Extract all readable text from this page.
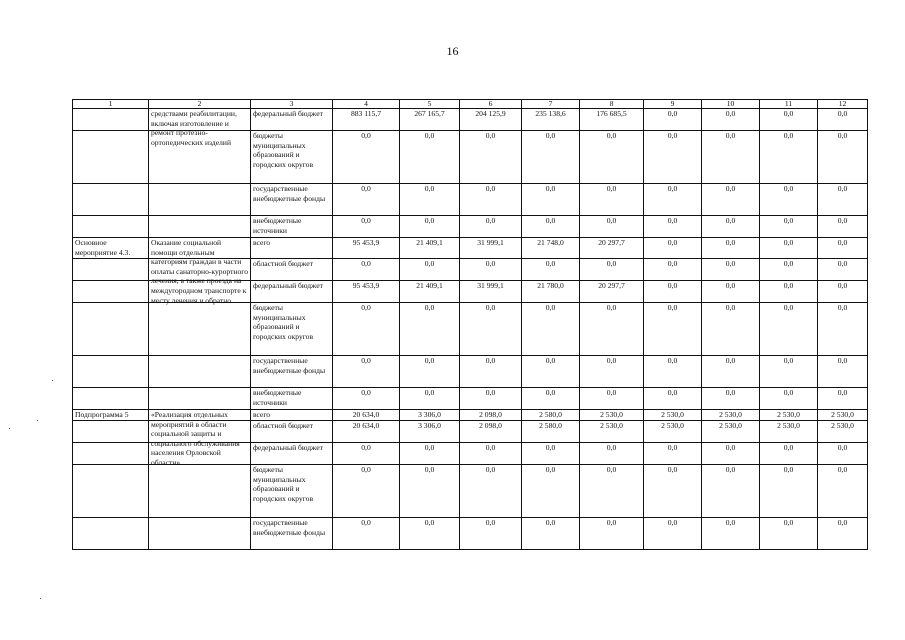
16
1	2	3	4	5	6	7	8	9	10	11	12

	средствами реабилитации, включая изготовление и ремонт протезно-ортопедических изделий	федеральный бюджет	883 115,7	267 165,7	204 125,9	235 138,6	176 685,5	0,0	0,0	0,0	0,0
		бюджеты муниципальных образований и городских округов	0,0	0,0	0,0	0,0	0,0	0,0	0,0	0,0	0,0
		государственные внебюджетные фонды	0,0	0,0	0,0	0,0	0,0	0,0	0,0	0,0	0,0
		внебюджетные источники	0,0	0,0	0,0	0,0	0,0	0,0	0,0	0,0	0,0

Основное мероприятие 4.3.	Оказание социальной помощи отдельным категориям граждан в части оплаты санаторно-курортного лечения, а также проезда на междугородном транспорте к месту лечения и обратно	всего	95 453,9	21 409,1	31 999,1	21 748,0	20 297,7	0,0	0,0	0,0	0,0
		областной бюджет	0,0	0,0	0,0	0,0	0,0	0,0	0,0	0,0	0,0
		федеральный бюджет	95 453,9	21 409,1	31 999,1	21 780,0	20 297,7	0,0	0,0	0,0	0,0
		бюджеты муниципальных образований и городских округов	0,0	0,0	0,0	0,0	0,0	0,0	0,0	0,0	0,0
		государственные внебюджетные фонды	0,0	0,0	0,0	0,0	0,0	0,0	0,0	0,0	0,0
		внебюджетные источники	0,0	0,0	0,0	0,0	0,0	0,0	0,0	0,0	0,0

Подпрограмма 5	«Реализация отдельных мероприятий в области социальной защиты и социального обслуживания населения Орловской области»	всего	20 634,0	3 306,0	2 098,0	2 580,0	2 530,0	2 530,0	2 530,0	2 530,0	2 530,0
		областной бюджет	20 634,0	3 306,0	2 098,0	2 580,0	2 530,0	2 530,0	2 530,0	2 530,0	2 530,0
		федеральный бюджет	0,0	0,0	0,0	0,0	0,0	0,0	0,0	0,0	0,0
		бюджеты муниципальных образований и городских округов	0,0	0,0	0,0	0,0	0,0	0,0	0,0	0,0	0,0
		государственные внебюджетные фонды	0,0	0,0	0,0	0,0	0,0	0,0	0,0	0,0	0,0
